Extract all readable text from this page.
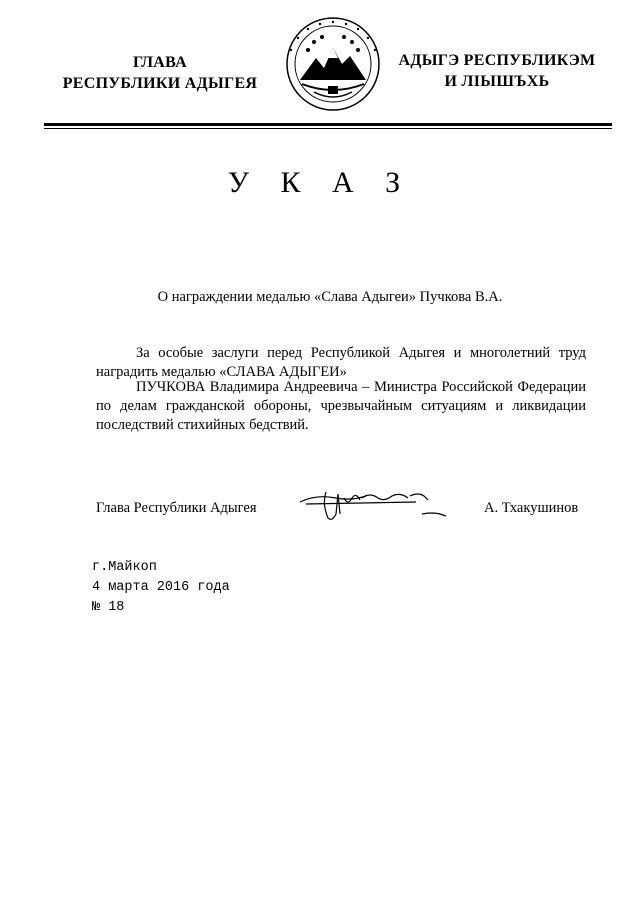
ГЛАВА
РЕСПУБЛИКИ АДЫГЕЯ
АДЫГЭ РЕСПУБЛИКЭМ
И ЛІЫШЪХЬ
У К А З
О награждении медалью «Слава Адыгеи» Пучкова В.А.
За особые заслуги перед Республикой Адыгея и многолетний труд наградить медалью «СЛАВА АДЫГЕИ»
ПУЧКОВА Владимира Андреевича – Министра Российской Федерации по делам гражданской обороны, чрезвычайным ситуациям и ликвидации последствий стихийных бедствий.
Глава Республики Адыгея	А. Тхакушинов
г.Майкоп
4 марта 2016 года
№ 18
